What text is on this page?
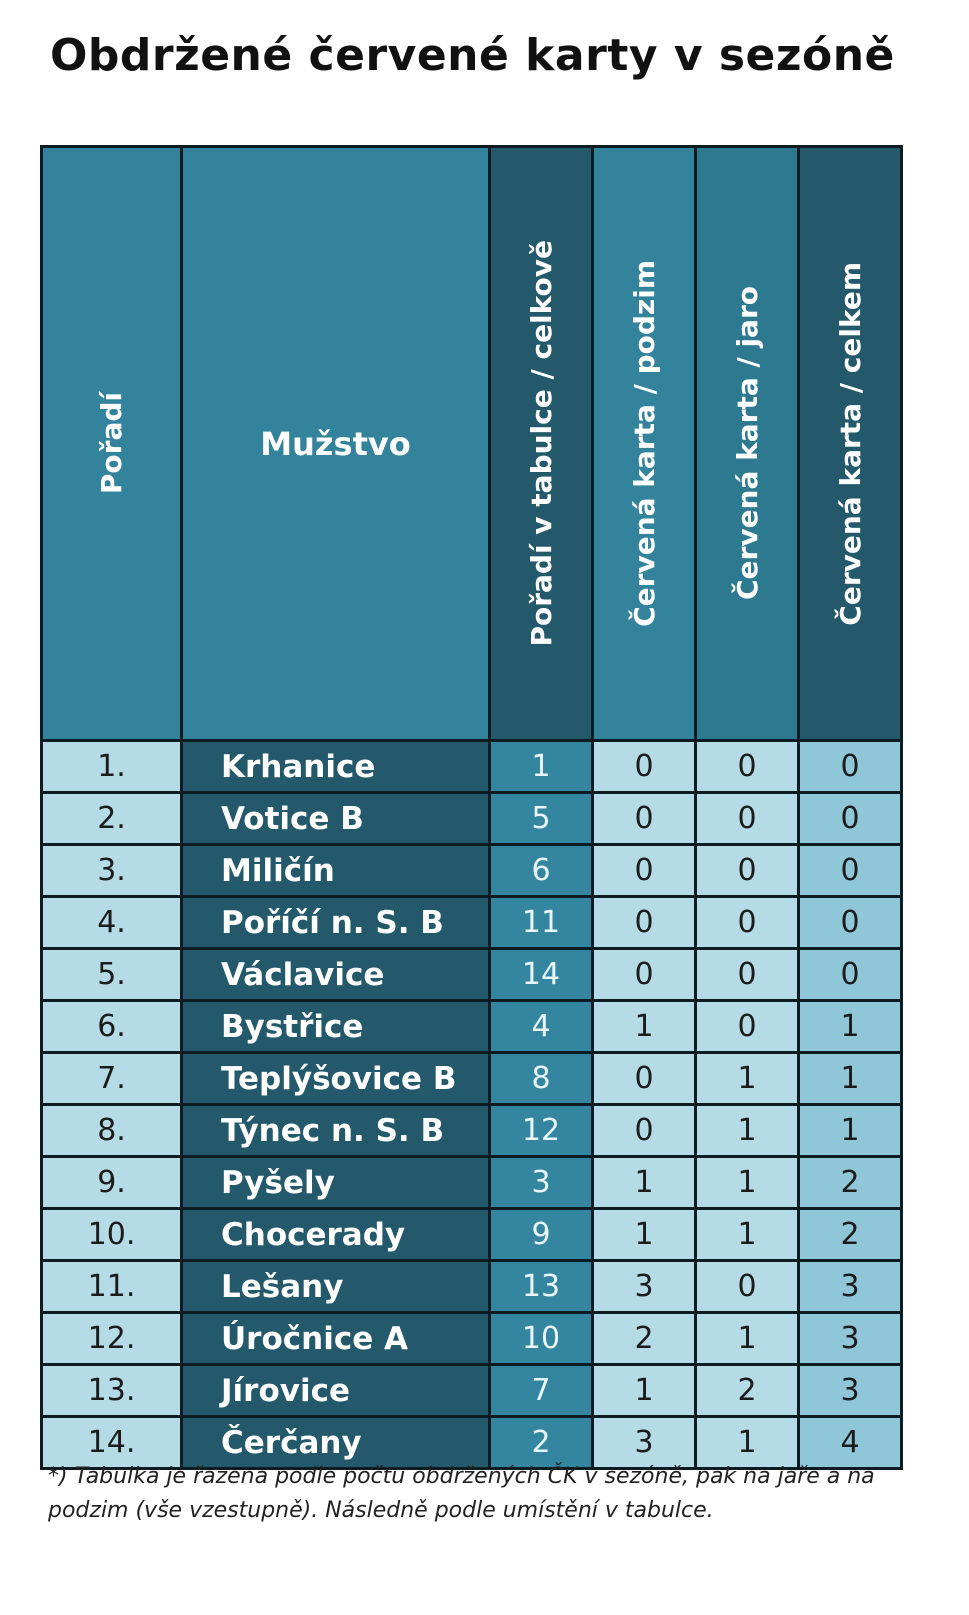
Obdržené červené karty v sezóně
Pořadí	Mužstvo	Pořadí v tabulce / celkově	Červená karta / podzim	Červená karta / jaro	Červená karta / celkem

1.	Krhanice	1	0	0	0
2.	Votice B	5	0	0	0
3.	Miličín	6	0	0	0
4.	Poříčí n. S. B	11	0	0	0
5.	Václavice	14	0	0	0
6.	Bystřice	4	1	0	1
7.	Teplýšovice B	8	0	1	1
8.	Týnec n. S. B	12	0	1	1
9.	Pyšely	3	1	1	2
10.	Chocerady	9	1	1	2
11.	Lešany	13	3	0	3
12.	Úročnice A	10	2	1	3
13.	Jírovice	7	1	2	3
14.	Čerčany	2	3	1	4

*) Tabulka je řazena podle počtu obdržených ČK v sezóně, pak na jaře a na podzim (vše vzestupně). Následně podle umístění v tabulce.
